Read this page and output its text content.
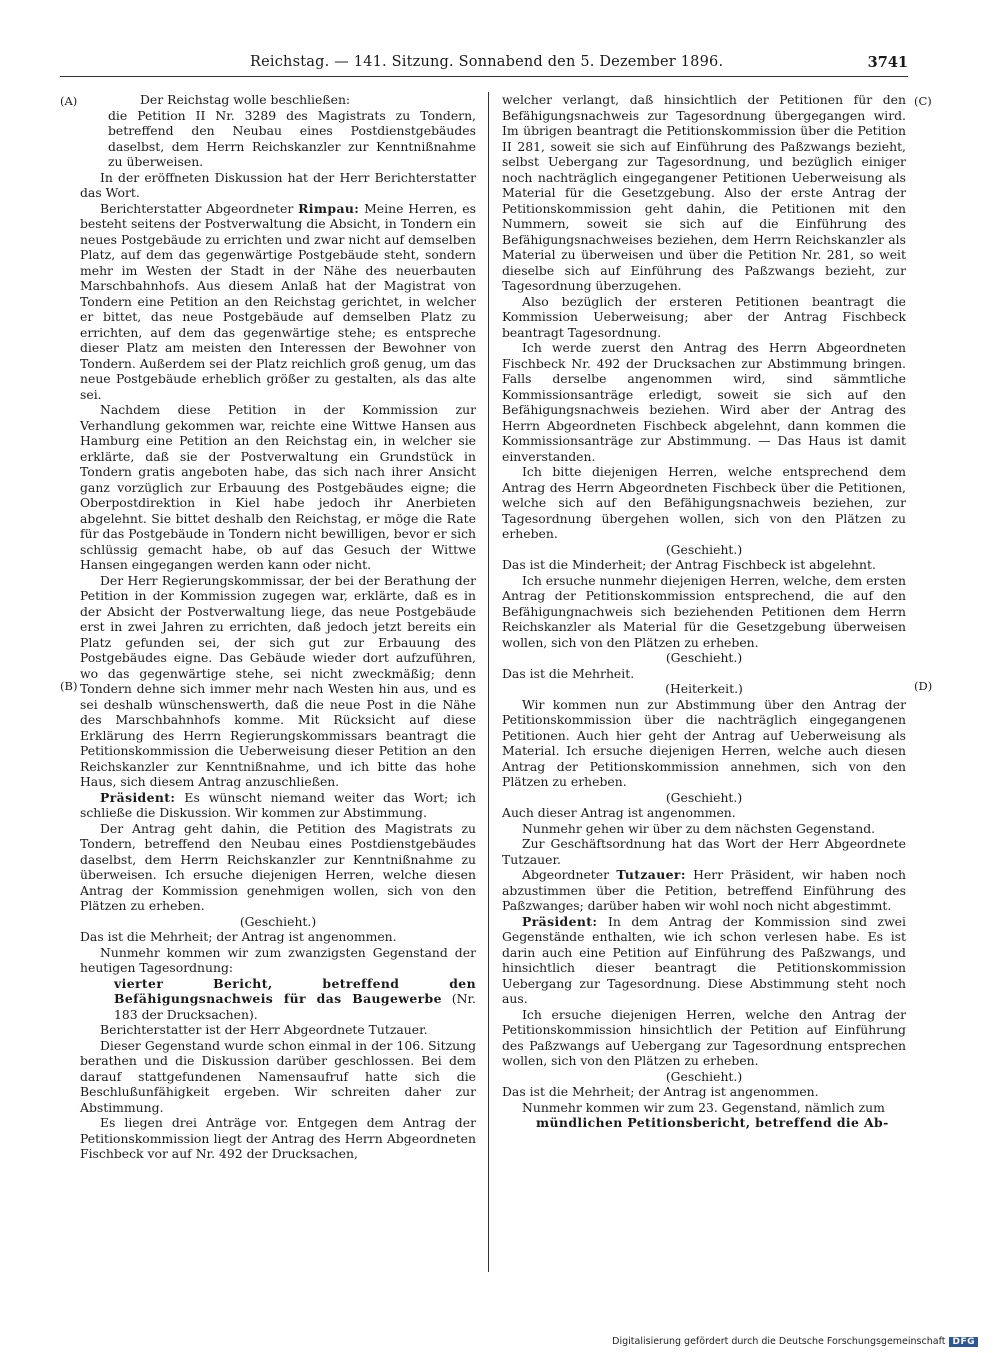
Reichstag. — 141. Sitzung. Sonnabend den 5. Dezember 1896.	3741
(A)
(B)
(C)
(D)

Der Reichstag wolle beschließen:

die Petition II Nr. 3289 des Magistrats zu Tondern, betreffend den Neubau eines Postdienstgebäudes daselbst, dem Herrn Reichskanzler zur Kenntnißnahme zu überweisen.

In der eröffneten Diskussion hat der Herr Berichterstatter das Wort.

Berichterstatter Abgeordneter Rimpau: Meine Herren, es besteht seitens der Postverwaltung die Absicht, in Tondern ein neues Postgebäude zu errichten und zwar nicht auf demselben Platz, auf dem das gegenwärtige Postgebäude steht, sondern mehr im Westen der Stadt in der Nähe des neuerbauten Marschbahnhofs. Aus diesem Anlaß hat der Magistrat von Tondern eine Petition an den Reichstag gerichtet, in welcher er bittet, das neue Postgebäude auf demselben Platz zu errichten, auf dem das gegenwärtige stehe; es entspreche dieser Platz am meisten den Interessen der Bewohner von Tondern. Außerdem sei der Platz reichlich groß genug, um das neue Postgebäude erheblich größer zu gestalten, als das alte sei.

Nachdem diese Petition in der Kommission zur Verhandlung gekommen war, reichte eine Wittwe Hansen aus Hamburg eine Petition an den Reichstag ein, in welcher sie erklärte, daß sie der Postverwaltung ein Grundstück in Tondern gratis angeboten habe, das sich nach ihrer Ansicht ganz vorzüglich zur Erbauung des Postgebäudes eigne; die Oberpostdirektion in Kiel habe jedoch ihr Anerbieten abgelehnt. Sie bittet deshalb den Reichstag, er möge die Rate für das Postgebäude in Tondern nicht bewilligen, bevor er sich schlüssig gemacht habe, ob auf das Gesuch der Wittwe Hansen eingegangen werden kann oder nicht.

Der Herr Regierungskommissar, der bei der Berathung der Petition in der Kommission zugegen war, erklärte, daß es in der Absicht der Postverwaltung liege, das neue Postgebäude erst in zwei Jahren zu errichten, daß jedoch jetzt bereits ein Platz gefunden sei, der sich gut zur Erbauung des Postgebäudes eigne. Das Gebäude wieder dort aufzuführen, wo das gegenwärtige stehe, sei nicht zweckmäßig; denn Tondern dehne sich immer mehr nach Westen hin aus, und es sei deshalb wünschenswerth, daß die neue Post in die Nähe des Marschbahnhofs komme. Mit Rücksicht auf diese Erklärung des Herrn Regierungskommissars beantragt die Petitionskommission die Ueberweisung dieser Petition an den Reichskanzler zur Kenntnißnahme, und ich bitte das hohe Haus, sich diesem Antrag anzuschließen.

Präsident: Es wünscht niemand weiter das Wort; ich schließe die Diskussion. Wir kommen zur Abstimmung.

Der Antrag geht dahin, die Petition des Magistrats zu Tondern, betreffend den Neubau eines Postdienstgebäudes daselbst, dem Herrn Reichskanzler zur Kenntnißnahme zu überweisen. Ich ersuche diejenigen Herren, welche diesen Antrag der Kommission genehmigen wollen, sich von den Plätzen zu erheben.

(Geschieht.)

Das ist die Mehrheit; der Antrag ist angenommen.

Nunmehr kommen wir zum zwanzigsten Gegenstand der heutigen Tagesordnung:

vierter Bericht, betreffend den Befähigungsnachweis für das Baugewerbe (Nr. 183 der Drucksachen).

Berichterstatter ist der Herr Abgeordnete Tutzauer.

Dieser Gegenstand wurde schon einmal in der 106. Sitzung berathen und die Diskussion darüber geschlossen. Bei dem darauf stattgefundenen Namensaufruf hatte sich die Beschlußunfähigkeit ergeben. Wir schreiten daher zur Abstimmung.

Es liegen drei Anträge vor. Entgegen dem Antrag der Petitionskommission liegt der Antrag des Herrn Abgeordneten Fischbeck vor auf Nr. 492 der Drucksachen,

welcher verlangt, daß hinsichtlich der Petitionen für den Befähigungsnachweis zur Tagesordnung übergegangen wird. Im übrigen beantragt die Petitionskommission über die Petition II 281, soweit sie sich auf Einführung des Paßzwangs bezieht, selbst Uebergang zur Tagesordnung, und bezüglich einiger noch nachträglich eingegangener Petitionen Ueberweisung als Material für die Gesetzgebung. Also der erste Antrag der Petitionskommission geht dahin, die Petitionen mit den Nummern, soweit sie sich auf die Einführung des Befähigungsnachweises beziehen, dem Herrn Reichskanzler als Material zu überweisen und über die Petition Nr. 281, so weit dieselbe sich auf Einführung des Paßzwangs bezieht, zur Tagesordnung überzugehen.

Also bezüglich der ersteren Petitionen beantragt die Kommission Ueberweisung; aber der Antrag Fischbeck beantragt Tagesordnung.

Ich werde zuerst den Antrag des Herrn Abgeordneten Fischbeck Nr. 492 der Drucksachen zur Abstimmung bringen. Falls derselbe angenommen wird, sind sämmtliche Kommissionsanträge erledigt, soweit sie sich auf den Befähigungsnachweis beziehen. Wird aber der Antrag des Herrn Abgeordneten Fischbeck abgelehnt, dann kommen die Kommissionsanträge zur Abstimmung. — Das Haus ist damit einverstanden.

Ich bitte diejenigen Herren, welche entsprechend dem Antrag des Herrn Abgeordneten Fischbeck über die Petitionen, welche sich auf den Befähigungsnachweis beziehen, zur Tagesordnung übergehen wollen, sich von den Plätzen zu erheben.

(Geschieht.)

Das ist die Minderheit; der Antrag Fischbeck ist abgelehnt.

Ich ersuche nunmehr diejenigen Herren, welche, dem ersten Antrag der Petitionskommission entsprechend, die auf den Befähigungnachweis sich beziehenden Petitionen dem Herrn Reichskanzler als Material für die Gesetzgebung überweisen wollen, sich von den Plätzen zu erheben.

(Geschieht.)

Das ist die Mehrheit.

(Heiterkeit.)

Wir kommen nun zur Abstimmung über den Antrag der Petitionskommission über die nachträglich eingegangenen Petitionen. Auch hier geht der Antrag auf Ueberweisung als Material. Ich ersuche diejenigen Herren, welche auch diesen Antrag der Petitionskommission annehmen, sich von den Plätzen zu erheben.

(Geschieht.)

Auch dieser Antrag ist angenommen.

Nunmehr gehen wir über zu dem nächsten Gegenstand.

Zur Geschäftsordnung hat das Wort der Herr Abgeordnete Tutzauer.

Abgeordneter Tutzauer: Herr Präsident, wir haben noch abzustimmen über die Petition, betreffend Einführung des Paßzwanges; darüber haben wir wohl noch nicht abgestimmt.

Präsident: In dem Antrag der Kommission sind zwei Gegenstände enthalten, wie ich schon verlesen habe. Es ist darin auch eine Petition auf Einführung des Paßzwangs, und hinsichtlich dieser beantragt die Petitionskommission Uebergang zur Tagesordnung. Diese Abstimmung steht noch aus.

Ich ersuche diejenigen Herren, welche den Antrag der Petitionskommission hinsichtlich der Petition auf Einführung des Paßzwangs auf Uebergang zur Tagesordnung entsprechen wollen, sich von den Plätzen zu erheben.

(Geschieht.)

Das ist die Mehrheit; der Antrag ist angenommen.

Nunmehr kommen wir zum 23. Gegenstand, nämlich zum

mündlichen Petitionsbericht, betreffend die Ab-

Digitalisierung gefördert durch die Deutsche Forschungsgemeinschaft DFG
